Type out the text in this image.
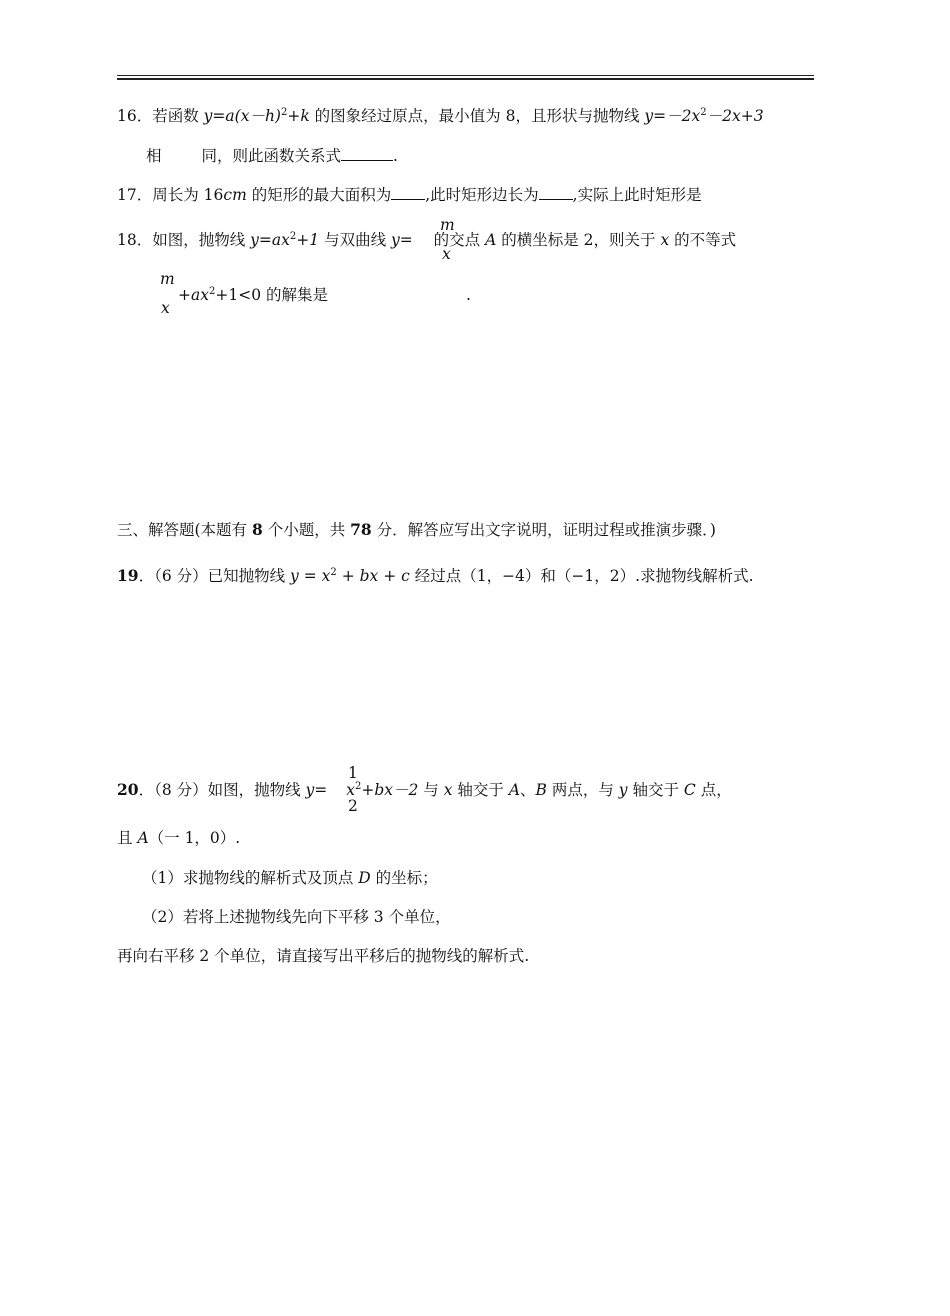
16．若函数 $y=a(x-h)^2+k$ 的图象经过原点，最小值为 8，且形状与抛物线 $y=-2x^2-2x+3$
相	同，则此函数关系式	.
17．周长为 16cm 的矩形的最大面积为 ,此时矩形边长为 ,实际上此时矩形是
18．如图，抛物线 $y=ax^2+1$ 与双曲线 y= 的交点 A 的横坐标是 2，则关于 x 的不等式
m
x
m
x
$+ax^2+1<0$ 的解集是	.
三、解答题(本题有 8 个小题，共 78 分．解答应写出文字说明，证明过程或推演步骤．)
19．（6 分）已知抛物线 $y = x^2$ + bx + c 经过点（1，−4）和（−1，2）.求抛物线解析式.
1
2
20．（8 分）如图，抛物线 $y= x^2+bx-2$ 与 x 轴交于 A、B 两点，与 y 轴交于 C 点，
且 A（一 1，0）.
（1）求抛物线的解析式及顶点 D 的坐标；
（2）若将上述抛物线先向下平移 3 个单位，
再向右平移 2 个单位，请直接写出平移后的抛物线的解析式.
